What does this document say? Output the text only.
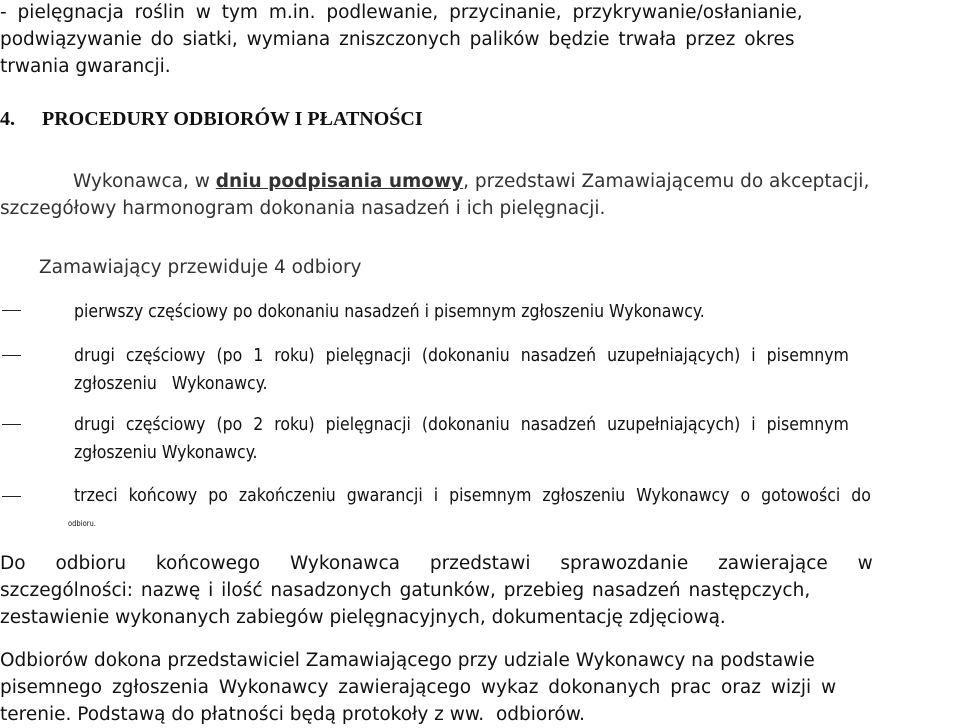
- pielęgnacja roślin w tym m.in. podlewanie, przycinanie, przykrywanie/osłanianie,
podwiązywanie do siatki, wymiana zniszczonych palików będzie trwała przez okres
trwania gwarancji.
4. PROCEDURY ODBIORÓW I PŁATNOŚCI
Wykonawca, w dniu podpisania umowy, przedstawi Zamawiającemu do akceptacji,
szczegółowy harmonogram dokonania nasadzeń i ich pielęgnacji.
Zamawiający przewiduje 4 odbiory
pierwszy częściowy po dokonaniu nasadzeń i pisemnym zgłoszeniu Wykonawcy.
drugi częściowy (po 1 roku) pielęgnacji (dokonaniu nasadzeń uzupełniających) i pisemnym
zgłoszeniu   Wykonawcy.
drugi częściowy (po 2 roku) pielęgnacji (dokonaniu nasadzeń uzupełniających) i pisemnym
zgłoszeniu Wykonawcy.
trzeci końcowy po zakończeniu gwarancji i pisemnym zgłoszeniu Wykonawcy o gotowości do
odbioru.
Do odbioru końcowego Wykonawca przedstawi sprawozdanie zawierające w
szczególności: nazwę i ilość nasadzonych gatunków, przebieg nasadzeń następczych,
zestawienie wykonanych zabiegów pielęgnacyjnych, dokumentację zdjęciową.
Odbiorów dokona przedstawiciel Zamawiającego przy udziale Wykonawcy na podstawie
pisemnego zgłoszenia Wykonawcy zawierającego wykaz dokonanych prac oraz wizji w
terenie. Podstawą do płatności będą protokoły z ww.  odbiorów.
